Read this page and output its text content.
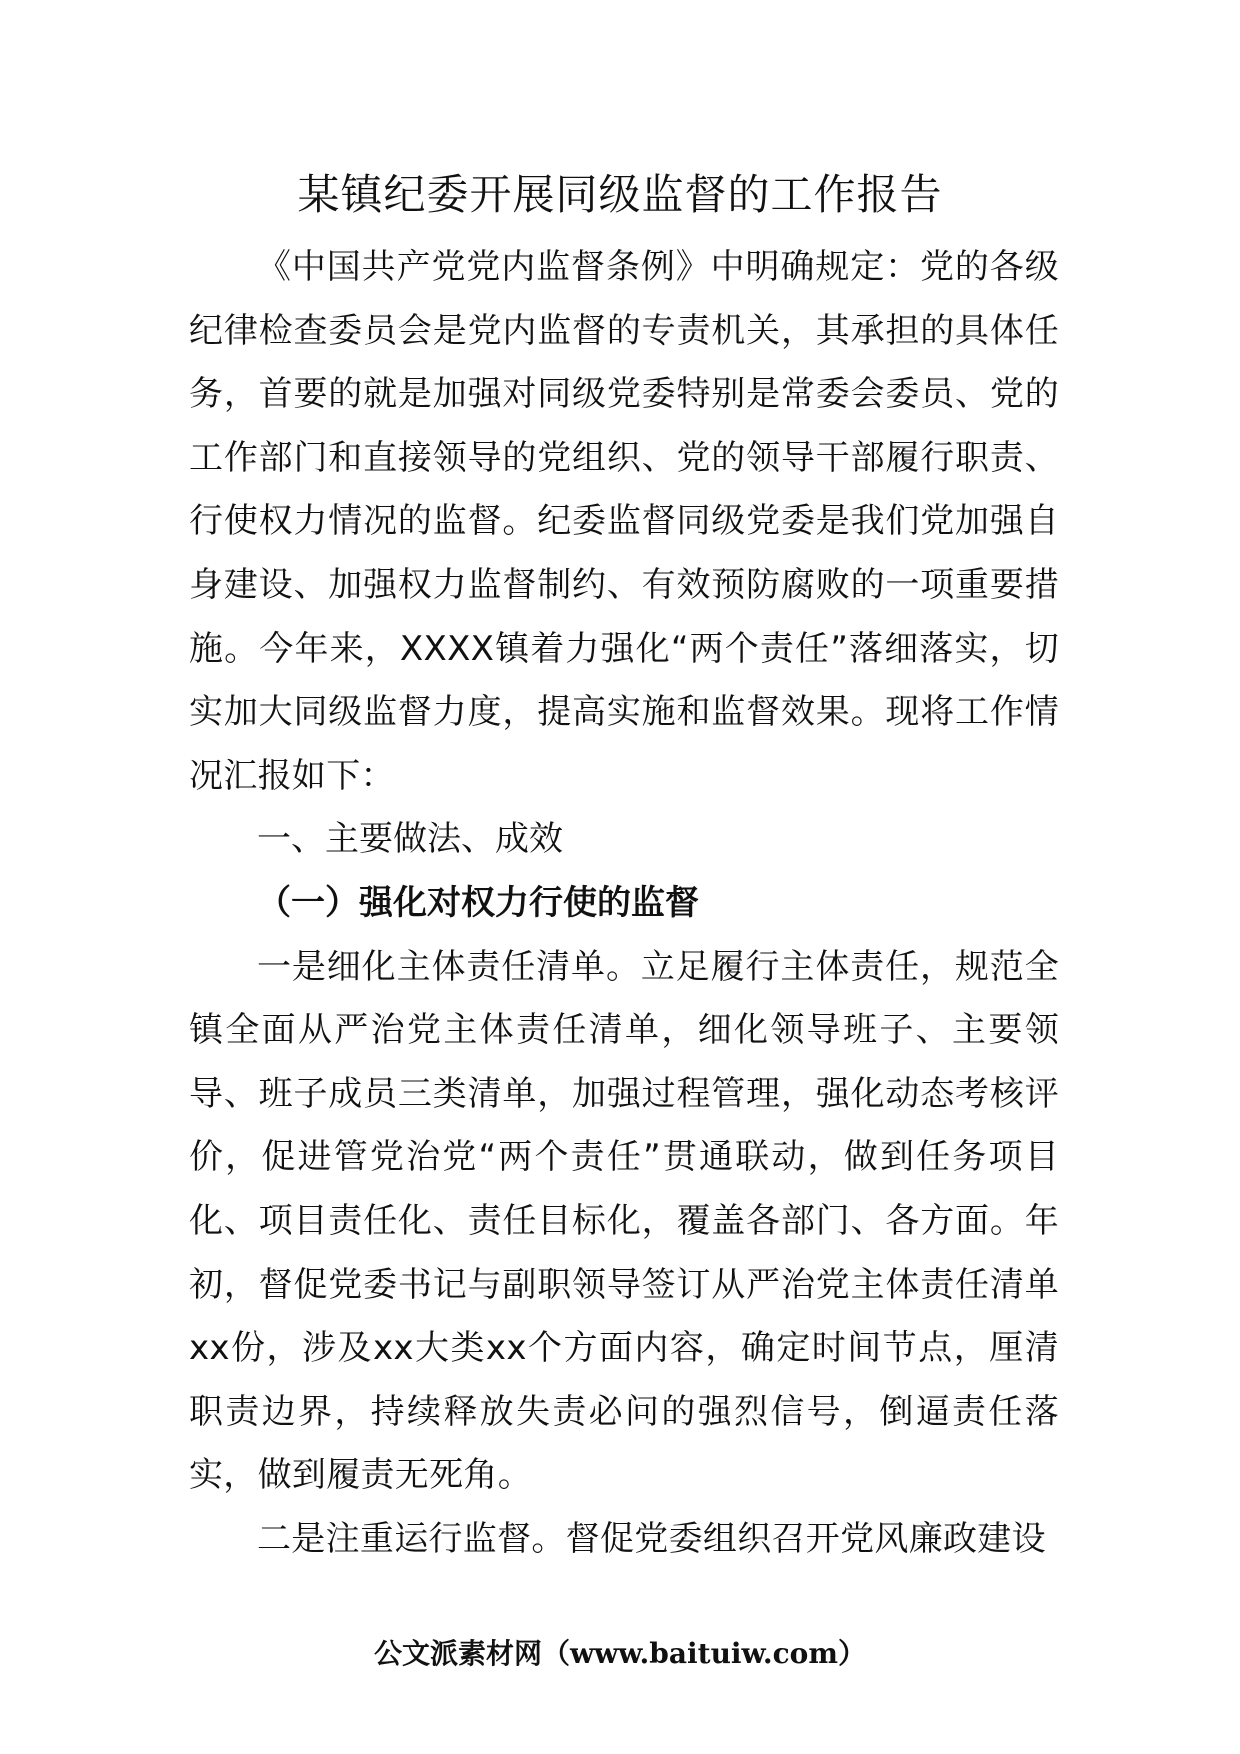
某镇纪委开展同级监督的工作报告

《中国共产党党内监督条例》中明确规定：党的各级纪律检查委员会是党内监督的专责机关，其承担的具体任务，首要的就是加强对同级党委特别是常委会委员、党的工作部门和直接领导的党组织、党的领导干部履行职责、行使权力情况的监督。纪委监督同级党委是我们党加强自身建设、加强权力监督制约、有效预防腐败的一项重要措施。今年来，XXXX镇着力强化“两个责任”落细落实，切实加大同级监督力度，提高实施和监督效果。现将工作情况汇报如下：

一、主要做法、成效

（一）强化对权力行使的监督

一是细化主体责任清单。立足履行主体责任，规范全镇全面从严治党主体责任清单，细化领导班子、主要领导、班子成员三类清单，加强过程管理，强化动态考核评价，促进管党治党“两个责任”贯通联动，做到任务项目化、项目责任化、责任目标化，覆盖各部门、各方面。年初，督促党委书记与副职领导签订从严治党主体责任清单xx份，涉及xx大类xx个方面内容，确定时间节点，厘清职责边界，持续释放失责必问的强烈信号，倒逼责任落实，做到履责无死角。

二是注重运行监督。督促党委组织召开党风廉政建设

公文派素材网（www.baituiw.com）
